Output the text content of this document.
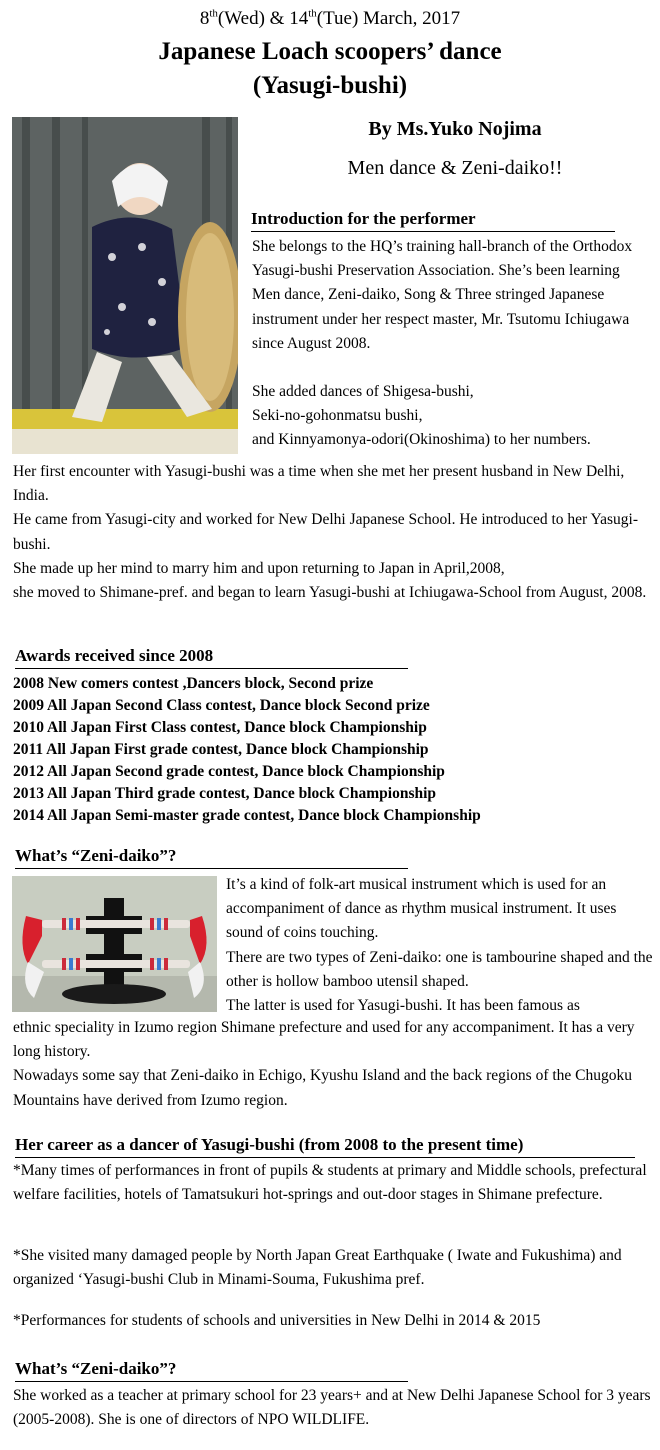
8th(Wed) & 14th(Tue) March, 2017
Japanese Loach scoopers’ dance
(Yasugi-bushi)
By Ms.Yuko Nojima
Men dance & Zeni-daiko!!
Introduction for the performer
She belongs to the HQ’s training hall-branch of the Orthodox Yasugi-bushi Preservation Association. She’s been learning Men dance, Zeni-daiko, Song & Three stringed Japanese instrument under her respect master, Mr. Tsutomu Ichiugawa since August 2008.
She added dances of Shigesa-bushi,
Seki-no-gohonmatsu bushi,
and Kinnyamonya-odori(Okinoshima) to her numbers.
Her first encounter with Yasugi-bushi was a time when she met her present husband in New Delhi, India.
He came from Yasugi-city and worked for New Delhi Japanese School. He introduced to her Yasugi-bushi.
She made up her mind to marry him and upon returning to Japan in April,2008,
she moved to Shimane-pref. and began to learn Yasugi-bushi at Ichiugawa-School from August, 2008.
Awards received since 2008
2008 New comers contest ,Dancers block, Second prize
2009 All Japan Second Class contest, Dance block Second prize
2010 All Japan First Class contest, Dance block Championship
2011 All Japan First grade contest, Dance block Championship
2012 All Japan Second grade contest, Dance block Championship
2013 All Japan Third grade contest, Dance block Championship
2014 All Japan Semi-master grade contest, Dance block Championship
What’s “Zeni-daiko”?
It’s a kind of folk-art musical instrument which is used for an accompaniment of dance as rhythm musical instrument. It uses sound of coins touching.
There are two types of Zeni-daiko: one is tambourine shaped and the other is hollow bamboo utensil shaped.
The latter is used for Yasugi-bushi. It has been famous as
ethnic speciality in Izumo region Shimane prefecture and used for any accompaniment. It has a very long history.
Nowadays some say that Zeni-daiko in Echigo, Kyushu Island and the back regions of the Chugoku Mountains have derived from Izumo region.
Her career as a dancer of Yasugi-bushi (from 2008 to the present time)
*Many times of performances in front of pupils & students at primary and Middle schools, prefectural welfare facilities, hotels of Tamatsukuri hot-springs and out-door stages in Shimane prefecture.
*She visited many damaged people by North Japan Great Earthquake ( Iwate and Fukushima) and organized ‘Yasugi-bushi Club in Minami-Souma, Fukushima pref.
*Performances for students of schools and universities in New Delhi in 2014 & 2015
What’s “Zeni-daiko”?
She worked as a teacher at primary school for 23 years+ and at New Delhi Japanese School for 3 years (2005-2008). She is one of directors of NPO WILDLIFE.
